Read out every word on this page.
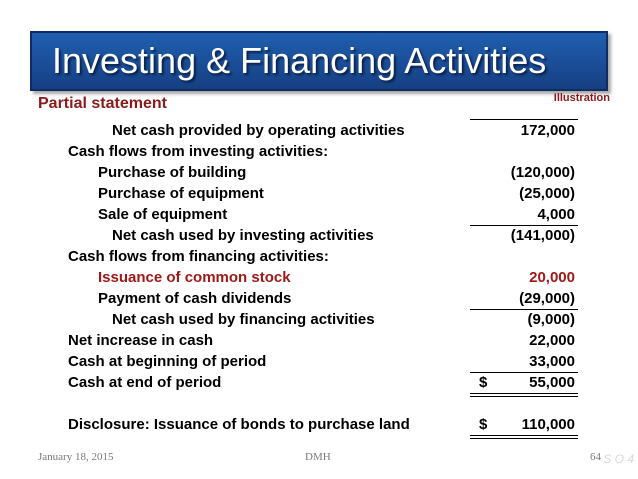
Investing & Financing Activities
Partial statement	Illustration
Net cash provided by operating activities	172,000
Cash flows from investing activities:
Purchase of building	(120,000)
Purchase of equipment	(25,000)
Sale of equipment	4,000
Net cash used by investing activities	(141,000)
Cash flows from financing activities:
Issuance of common stock	20,000
Payment of cash dividends	(29,000)
Net cash used by financing activities	(9,000)
Net increase in cash	22,000
Cash at beginning of period	33,000
Cash at end of period	$	55,000
Disclosure: Issuance of bonds to purchase land	$ 110,000
January 18, 2015	DMH	64 S O 4
